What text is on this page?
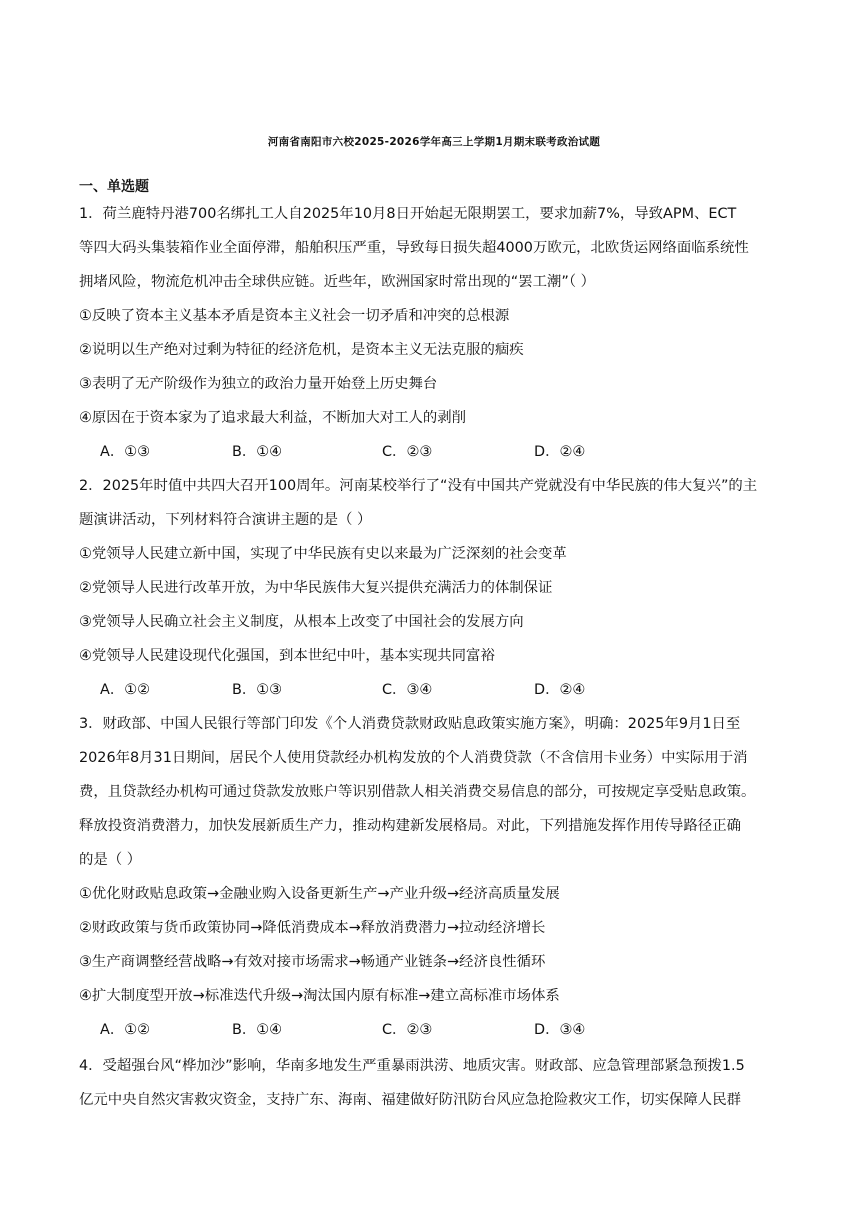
河南省南阳市六校2025-2026学年高三上学期1月期末联考政治试题
一、单选题
1．荷兰鹿特丹港700名绑扎工人自2025年10月8日开始起无限期罢工，要求加薪7%，导致APM、ECT
等四大码头集装箱作业全面停滞，船舶积压严重，导致每日损失超4000万欧元，北欧货运网络面临系统性
拥堵风险，物流危机冲击全球供应链。近些年，欧洲国家时常出现的“罢工潮”（ ）
①反映了资本主义基本矛盾是资本主义社会一切矛盾和冲突的总根源
②说明以生产绝对过剩为特征的经济危机，是资本主义无法克服的痼疾
③表明了无产阶级作为独立的政治力量开始登上历史舞台
④原因在于资本家为了追求最大利益，不断加大对工人的剥削
A．①③	B．①④	C．②③	D．②④
2．2025年时值中共四大召开100周年。河南某校举行了“没有中国共产党就没有中华民族的伟大复兴”的主
题演讲活动，下列材料符合演讲主题的是（ ）
①党领导人民建立新中国，实现了中华民族有史以来最为广泛深刻的社会变革
②党领导人民进行改革开放，为中华民族伟大复兴提供充满活力的体制保证
③党领导人民确立社会主义制度，从根本上改变了中国社会的发展方向
④党领导人民建设现代化强国，到本世纪中叶，基本实现共同富裕
A．①②	B．①③	C．③④	D．②④
3．财政部、中国人民银行等部门印发《个人消费贷款财政贴息政策实施方案》，明确：2025年9月1日至
2026年8月31日期间，居民个人使用贷款经办机构发放的个人消费贷款（不含信用卡业务）中实际用于消
费，且贷款经办机构可通过贷款发放账户等识别借款人相关消费交易信息的部分，可按规定享受贴息政策。
释放投资消费潜力，加快发展新质生产力，推动构建新发展格局。对此，下列措施发挥作用传导路径正确
的是（ ）
①优化财政贴息政策→金融业购入设备更新生产→产业升级→经济高质量发展
②财政政策与货币政策协同→降低消费成本→释放消费潜力→拉动经济增长
③生产商调整经营战略→有效对接市场需求→畅通产业链条→经济良性循环
④扩大制度型开放→标准迭代升级→淘汰国内原有标准→建立高标准市场体系
A．①②	B．①④	C．②③	D．③④
4．受超强台风“桦加沙”影响，华南多地发生严重暴雨洪涝、地质灾害。财政部、应急管理部紧急预拨1.5
亿元中央自然灾害救灾资金，支持广东、海南、福建做好防汛防台风应急抢险救灾工作，切实保障人民群
